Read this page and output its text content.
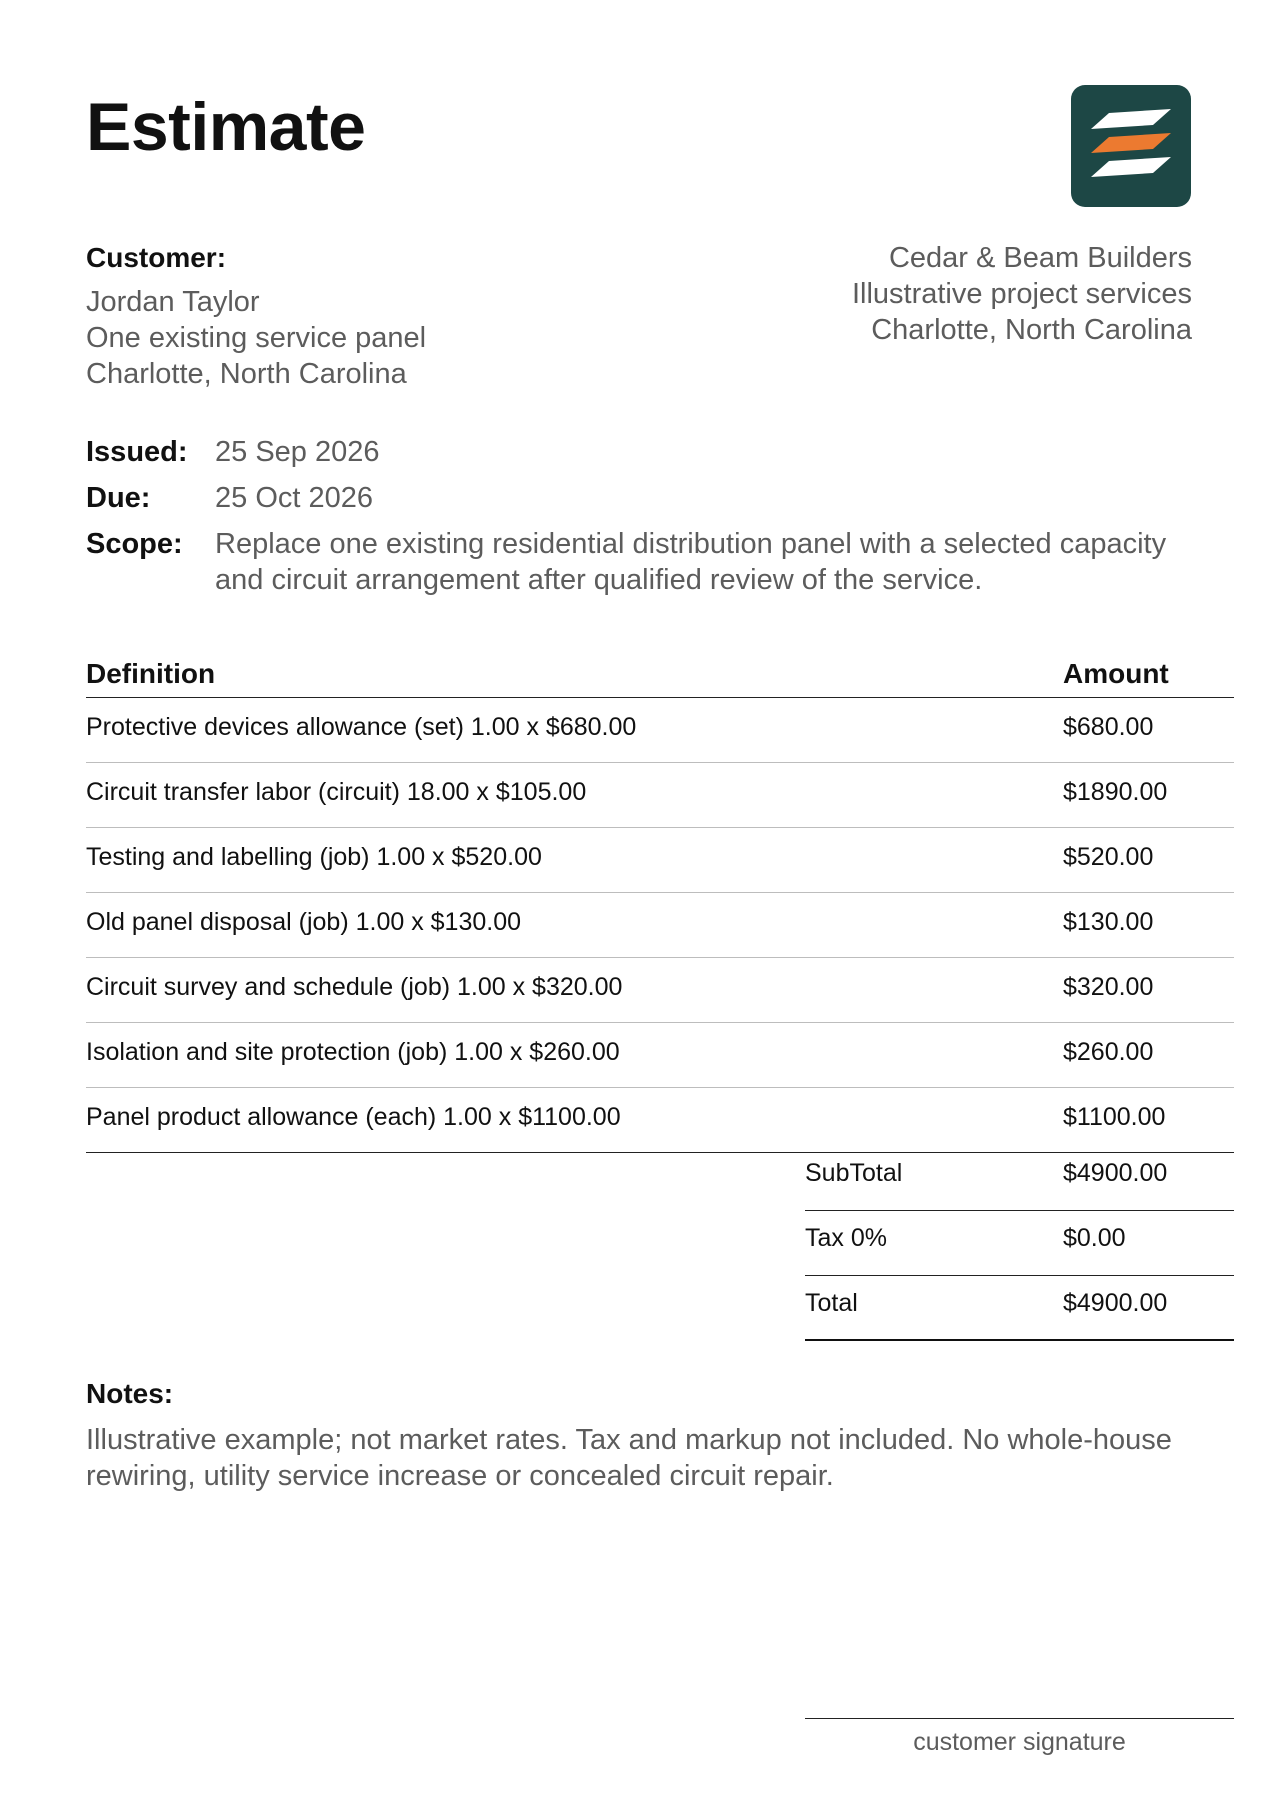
Estimate
Customer:
Jordan Taylor
One existing service panel
Charlotte, North Carolina
Cedar & Beam Builders
Illustrative project services
Charlotte, North Carolina
Issued: 25 Sep 2026
Due:	25 Oct 2026
Scope:	Replace one existing residential distribution panel with a selected capacity and circuit arrangement after qualified review of the service.
Definition	Amount
Protective devices allowance (set) 1.00 x $680.00	$680.00
Circuit transfer labor (circuit) 18.00 x $105.00	$1890.00
Testing and labelling (job) 1.00 x $520.00	$520.00
Old panel disposal (job) 1.00 x $130.00	$130.00
Circuit survey and schedule (job) 1.00 x $320.00	$320.00
Isolation and site protection (job) 1.00 x $260.00	$260.00
Panel product allowance (each) 1.00 x $1100.00	$1100.00
SubTotal	$4900.00
Tax 0%	$0.00
Total	$4900.00
Notes:
Illustrative example; not market rates. Tax and markup not included. No whole-house rewiring, utility service increase or concealed circuit repair.
customer signature
